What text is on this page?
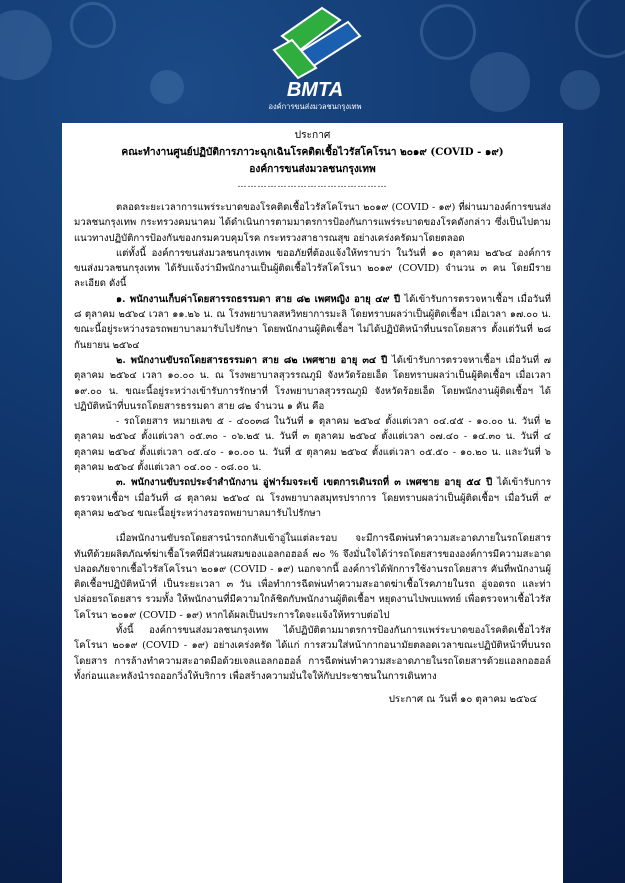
BMTA
องค์การขนส่งมวลชนกรุงเทพ
ประกาศ
คณะทำงานศูนย์ปฏิบัติการภาวะฉุกเฉินโรคติดเชื้อไวรัสโคโรนา ๒๐๑๙ (COVID - ๑๙)
องค์การขนส่งมวลชนกรุงเทพ
………………………………………

ตลอดระยะเวลาการแพร่ระบาดของโรคติดเชื้อไวรัสโคโรนา ๒๐๑๙ (COVID - ๑๙) ที่ผ่านมาองค์การขนส่งมวลชนกรุงเทพ กระทรวงคมนาคม ได้ดำเนินการตามมาตรการป้องกันการแพร่ระบาดของโรคดังกล่าว ซึ่งเป็นไปตามแนวทางปฏิบัติการป้องกันของกรมควบคุมโรค กระทรวงสาธารณสุข อย่างเคร่งครัดมาโดยตลอด

แต่ทั้งนี้ องค์การขนส่งมวลชนกรุงเทพ ขออภัยที่ต้องแจ้งให้ทราบว่า ในวันที่ ๑๐ ตุลาคม ๒๕๖๔ องค์การขนส่งมวลชนกรุงเทพ ได้รับแจ้งว่ามีพนักงานเป็นผู้ติดเชื้อไวรัสโคโรนา ๒๐๑๙ (COVID) จำนวน ๓ คน โดยมีรายละเอียด ดังนี้

๑. พนักงานเก็บค่าโดยสารรถธรรมดา สาย ๘๒ เพศหญิง อายุ ๔๙ ปี ได้เข้ารับการตรวจหาเชื้อฯ เมื่อวันที่ ๘ ตุลาคม ๒๕๖๔ เวลา ๑๑.๒๖ น. ณ โรงพยาบาลสหวิทยาการมะลิ โดยทราบผลว่าเป็นผู้ติดเชื้อฯ เมื่อเวลา ๑๗.๐๐ น. ขณะนี้อยู่ระหว่างรอรถพยาบาลมารับไปรักษา โดยพนักงานผู้ติดเชื้อฯ ไม่ได้ปฏิบัติหน้าที่บนรถโดยสาร ตั้งแต่วันที่ ๒๘ กันยายน ๒๕๖๔

๒. พนักงานขับรถโดยสารธรรมดา สาย ๘๒ เพศชาย อายุ ๓๔ ปี ได้เข้ารับการตรวจหาเชื้อฯ เมื่อวันที่ ๗ ตุลาคม ๒๕๖๔ เวลา ๑๐.๐๐ น. ณ โรงพยาบาลสุวรรณภูมิ จังหวัดร้อยเอ็ด โดยทราบผลว่าเป็นผู้ติดเชื้อฯ เมื่อเวลา ๑๙.๐๐ น. ขณะนี้อยู่ระหว่างเข้ารับการรักษาที่ โรงพยาบาลสุวรรณภูมิ จังหวัดร้อยเอ็ด โดยพนักงานผู้ติดเชื้อฯ ได้ปฏิบัติหน้าที่บนรถโดยสารธรรมดา สาย ๘๒ จำนวน ๑ คัน คือ

- รถโดยสาร หมายเลข ๕ - ๔๐๐๓๘ ในวันที่ ๑ ตุลาคม ๒๕๖๔ ตั้งแต่เวลา ๐๔.๔๕ - ๑๐.๐๐ น. วันที่ ๒ ตุลาคม ๒๕๖๔ ตั้งแต่เวลา ๐๕.๓๐ - ๐๖.๒๕ น. วันที่ ๓ ตุลาคม ๒๕๖๔ ตั้งแต่เวลา ๐๗.๔๐ - ๑๔.๓๐ น. วันที่ ๔ ตุลาคม ๒๕๖๔ ตั้งแต่เวลา ๐๕.๔๐ - ๑๐.๐๐ น. วันที่ ๕ ตุลาคม ๒๕๖๔ ตั้งแต่เวลา ๐๕.๕๐ - ๑๐.๒๐ น. และวันที่ ๖ ตุลาคม ๒๕๖๔ ตั้งแต่เวลา ๐๔.๐๐ - ๐๘.๐๐ น.

๓. พนักงานขับรถประจำสำนักงาน อู่ฟาร์มจระเข้ เขตการเดินรถที่ ๓ เพศชาย อายุ ๕๔ ปี ได้เข้ารับการตรวจหาเชื้อฯ เมื่อวันที่ ๘ ตุลาคม ๒๕๖๔ ณ โรงพยาบาลสมุทรปราการ โดยทราบผลว่าเป็นผู้ติดเชื้อฯ เมื่อวันที่ ๙ ตุลาคม ๒๕๖๔ ขณะนี้อยู่ระหว่างรอรถพยาบาลมารับไปรักษา

เมื่อพนักงานขับรถโดยสารนำรถกลับเข้าอู่ในแต่ละรอบ จะมีการฉีดพ่นทำความสะอาดภายในรถโดยสารทันทีด้วยผลิตภัณฑ์ฆ่าเชื้อโรคที่มีส่วนผสมของแอลกอฮอล์ ๗๐ % จึงมั่นใจได้ว่ารถโดยสารขององค์การมีความสะอาด ปลอดภัยจากเชื้อไวรัสโคโรนา ๒๐๑๙ (COVID - ๑๙) นอกจากนี้ องค์การได้พักการใช้งานรถโดยสาร คันที่พนักงานผู้ติดเชื้อฯปฏิบัติหน้าที่ เป็นระยะเวลา ๓ วัน เพื่อทำการฉีดพ่นทำความสะอาดฆ่าเชื้อโรคภายในรถ อู่จอดรถ และท่าปล่อยรถโดยสาร รวมทั้ง ให้พนักงานที่มีความใกล้ชิดกับพนักงานผู้ติดเชื้อฯ หยุดงานไปพบแพทย์ เพื่อตรวจหาเชื้อไวรัสโคโรนา ๒๐๑๙ (COVID - ๑๙) หากได้ผลเป็นประการใดจะแจ้งให้ทราบต่อไป

ทั้งนี้ องค์การขนส่งมวลชนกรุงเทพ ได้ปฏิบัติตามมาตรการป้องกันการแพร่ระบาดของโรคติดเชื้อไวรัสโคโรนา ๒๐๑๙ (COVID - ๑๙) อย่างเคร่งครัด ได้แก่ การสวมใส่หน้ากากอนามัยตลอดเวลาขณะปฏิบัติหน้าที่บนรถโดยสาร การล้างทำความสะอาดมือด้วยเจลแอลกอฮอล์ การฉีดพ่นทำความสะอาดภายในรถโดยสารด้วยแอลกอฮอล์ ทั้งก่อนและหลังนำรถออกวิ่งให้บริการ เพื่อสร้างความมั่นใจให้กับประชาชนในการเดินทาง

ประกาศ ณ วันที่ ๑๐ ตุลาคม ๒๕๖๔
